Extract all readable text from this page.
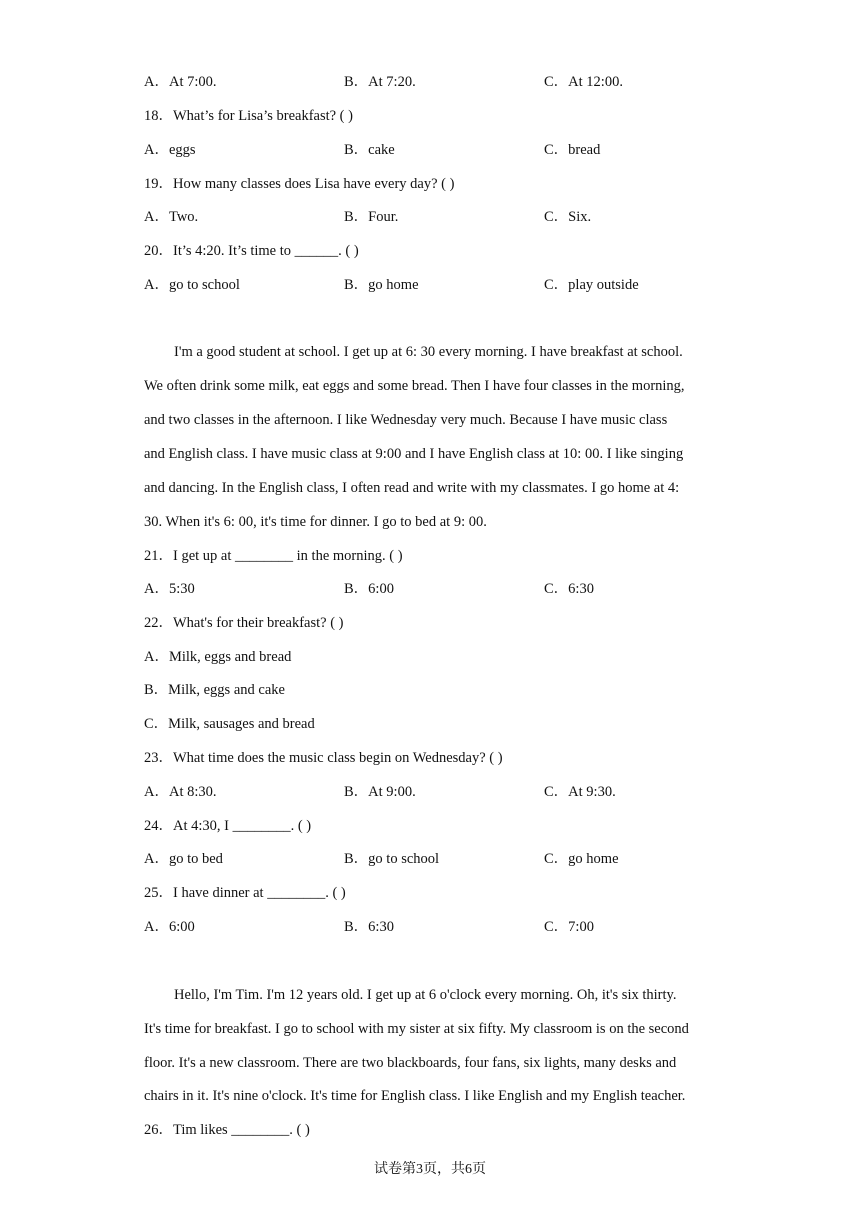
A．At 7:00.	B．At 7:20.	C．At 12:00.
18．What’s for Lisa’s breakfast? ( )
A．eggs	B．cake	C．bread
19．How many classes does Lisa have every day? ( )
A．Two.	B．Four.	C．Six.
20．It’s 4:20. It’s time to ______. ( )
A．go to school	B．go home	C．play outside
I'm a good student at school. I get up at 6: 30 every morning. I have breakfast at school.
We often drink some milk, eat eggs and some bread. Then I have four classes in the morning,
and two classes in the afternoon. I like Wednesday very much. Because I have music class
and English class. I have music class at 9:00 and I have English class at 10: 00. I like singing
and dancing. In the English class, I often read and write with my classmates. I go home at 4:
30. When it's 6: 00, it's time for dinner. I go to bed at 9: 00.
21．I get up at ________ in the morning. ( )
A．5:30	B．6:00	C．6:30
22．What's for their breakfast? ( )
A．Milk, eggs and bread
B．Milk, eggs and cake
C．Milk, sausages and bread
23．What time does the music class begin on Wednesday? ( )
A．At 8:30.	B．At 9:00.	C．At 9:30.
24．At 4:30, I ________. ( )
A．go to bed	B．go to school	C．go home
25．I have dinner at ________. ( )
A．6:00	B．6:30	C．7:00
Hello, I'm Tim. I'm 12 years old. I get up at 6 o'clock every morning. Oh, it's six thirty.
It's time for breakfast. I go to school with my sister at six fifty. My classroom is on the second
floor. It's a new classroom. There are two blackboards, four fans, six lights, many desks and
chairs in it. It's nine o'clock. It's time for English class. I like English and my English teacher.
26．Tim likes ________. ( )
试卷第3页，共6页
